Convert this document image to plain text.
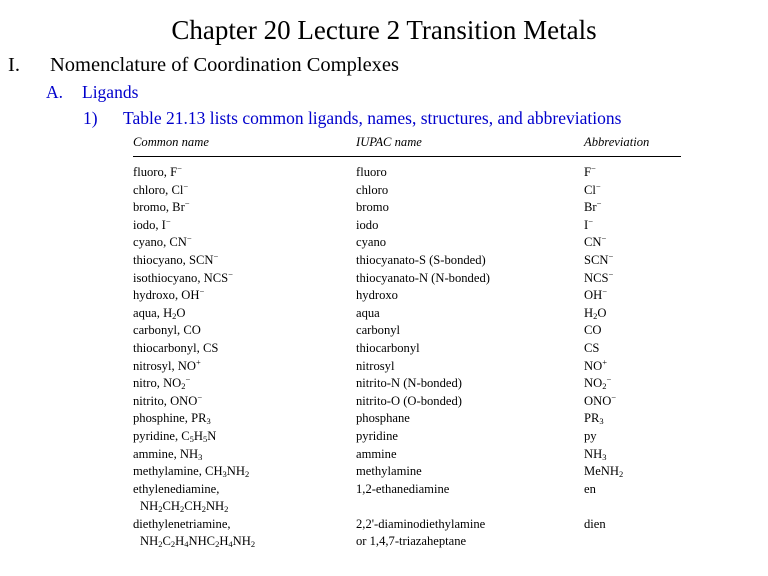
Chapter 20 Lecture 2 Transition Metals
I. Nomenclature of Coordination Complexes
A. Ligands
1) Table 21.13 lists common ligands, names, structures, and abbreviations
Common name	IUPAC name	Abbreviation
fluoro, F−	fluoro	F−
chloro, Cl−	chloro	Cl−
bromo, Br−	bromo	Br−
iodo, I−	iodo	I−
cyano, CN−	cyano	CN−
thiocyano, SCN−	thiocyanato-S (S-bonded)	SCN−
isothiocyano, NCS−	thiocyanato-N (N-bonded)	NCS−
hydroxo, OH−	hydroxo	OH−
aqua, $H_2O$	aqua	$H_2O$
carbonyl, CO	carbonyl	CO
thiocarbonyl, CS	thiocarbonyl	CS
nitrosyl, NO+	nitrosyl	NO+
nitro, $NO_2^-$	nitrito-N (N-bonded)	$NO_2^-$
nitrito, ONO−	nitrito-O (O-bonded)	ONO−
phosphine, $PR_3$	phosphane	$PR_3$
pyridine, $C_5H_5N$	pyridine	py
ammine, $NH_3$	ammine	$NH_3$
methylamine, $CH_3NH_2$	methylamine	MeNH$_2$
ethylenediamine,	1,2-ethanediamine	en
$NH_2CH_2CH_2NH_2$
diethylenetriamine,	2,2'-diaminodiethylamine	dien
$NH_2C_2H_4NHC_2H_4NH_2$	or 1,4,7-triazaheptane
